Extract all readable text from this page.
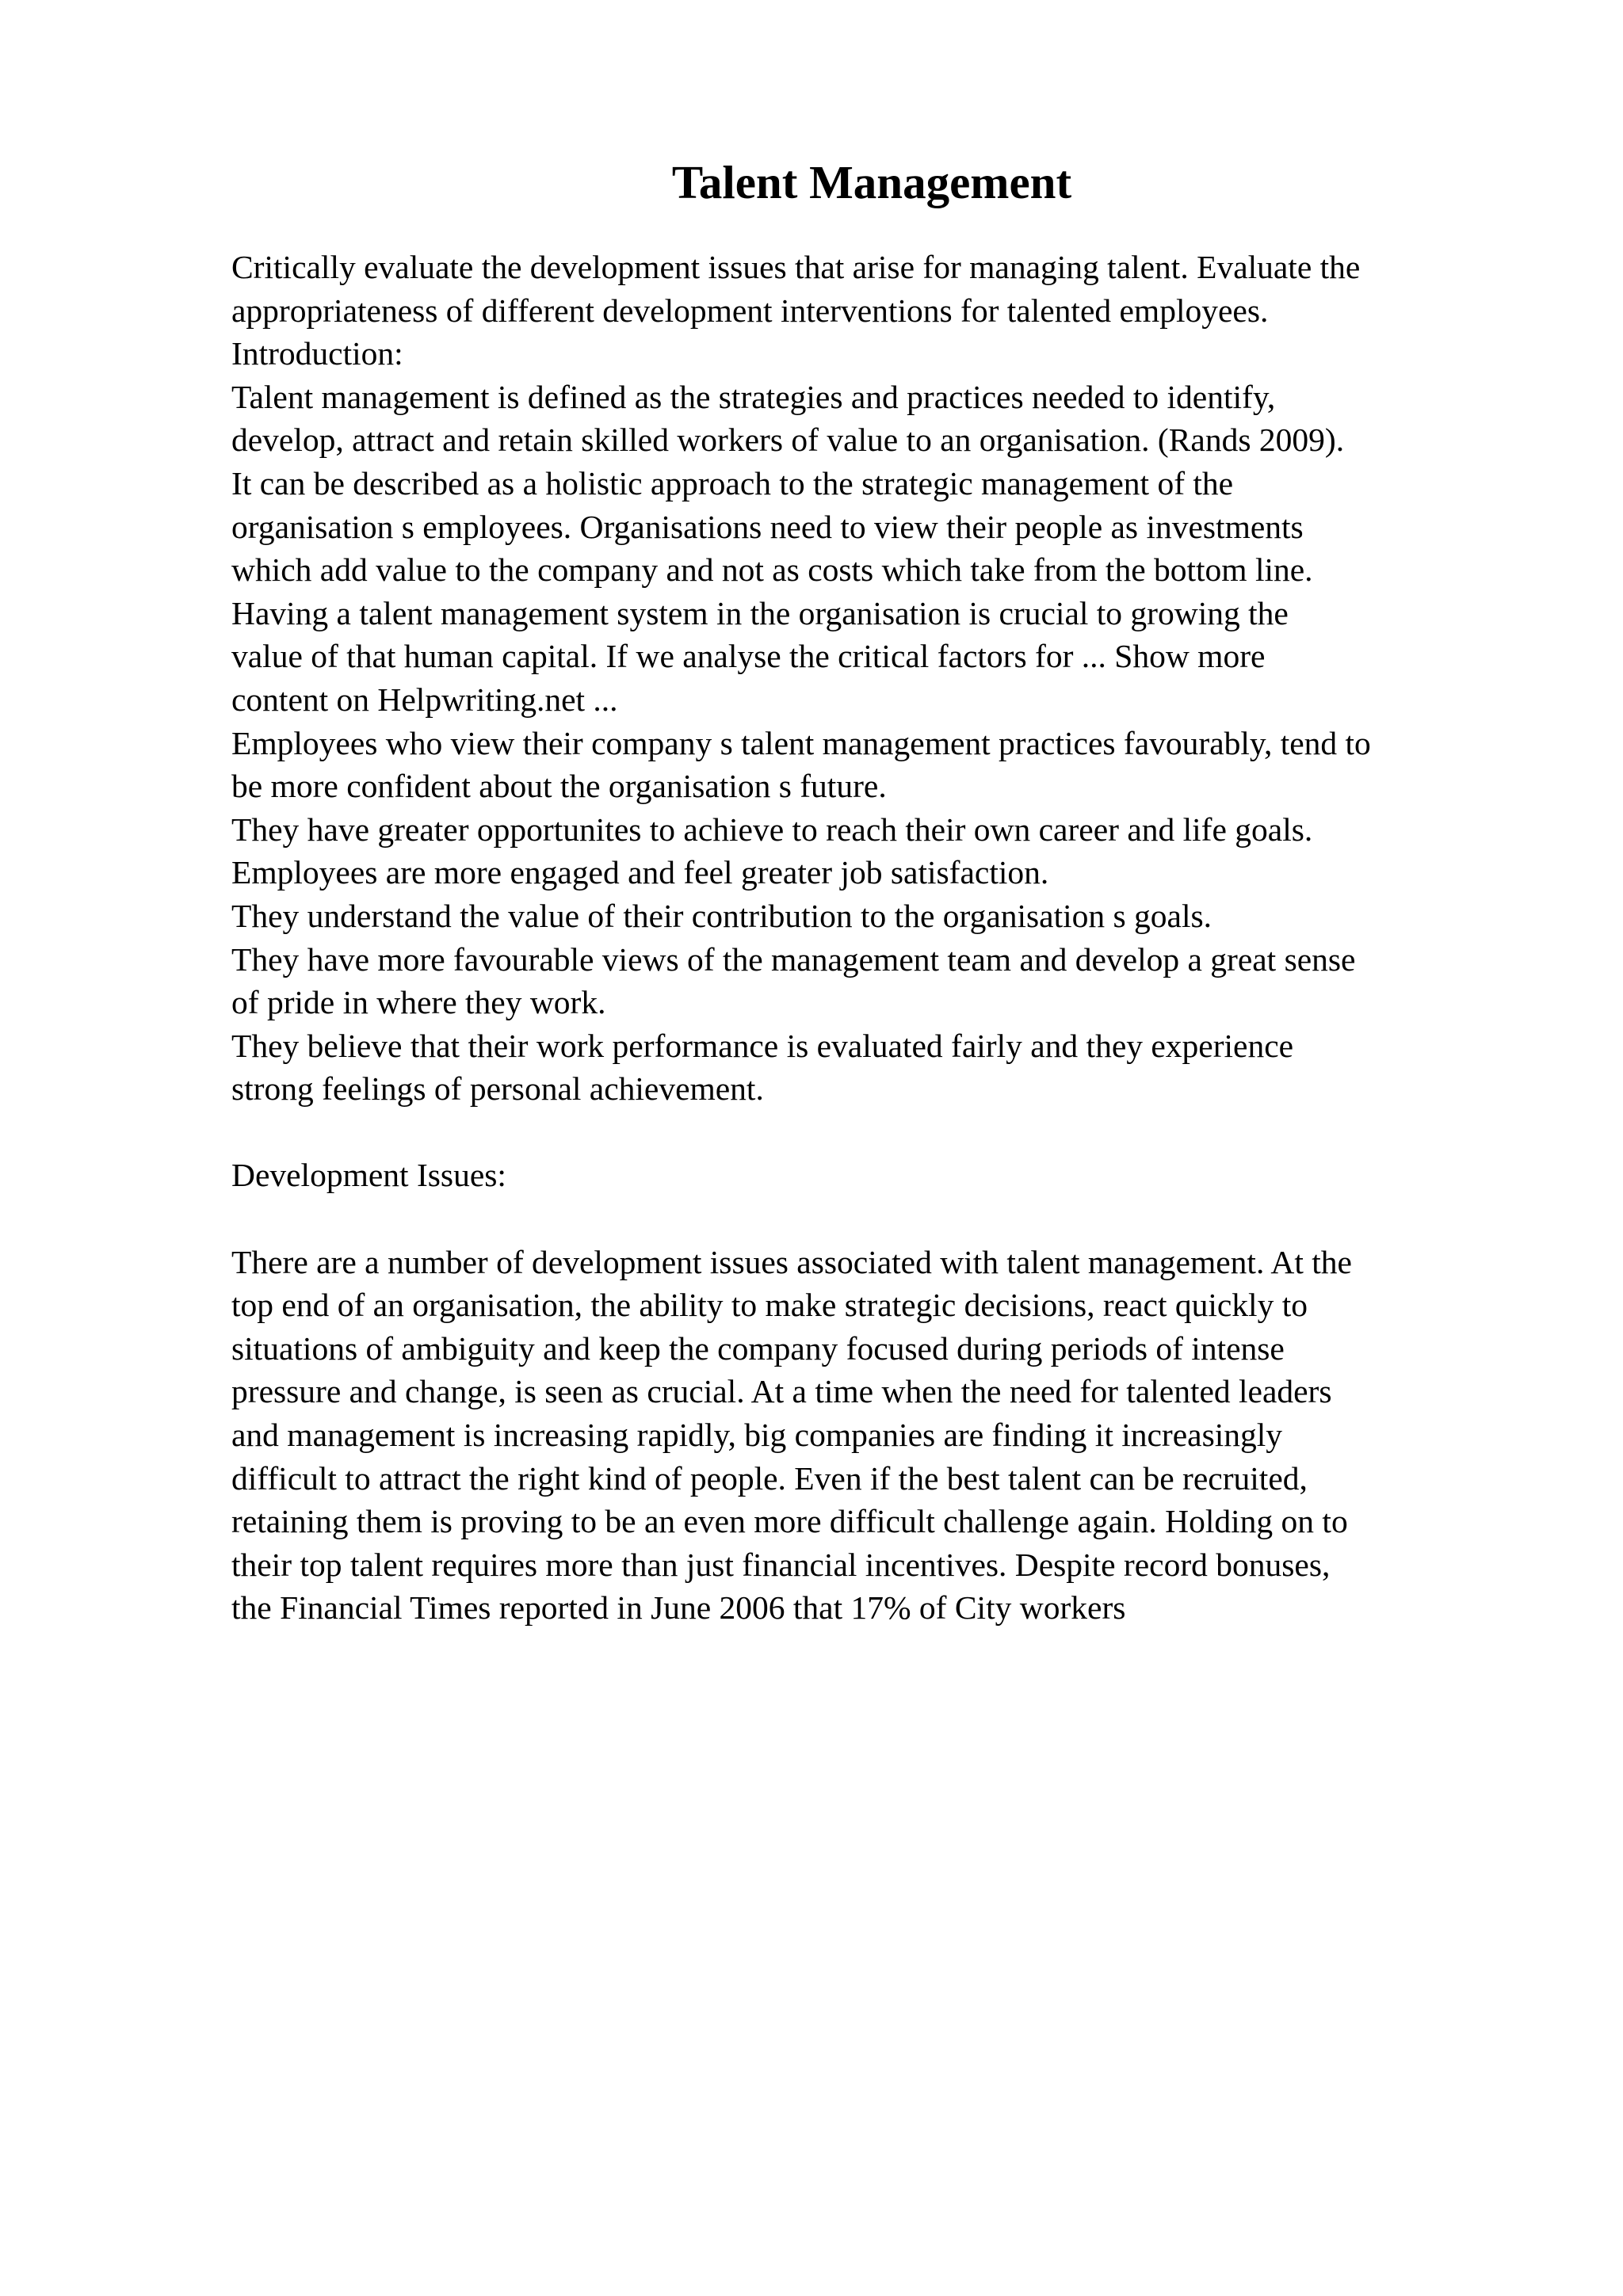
Talent Management
Critically evaluate the development issues that arise for managing talent. Evaluate the
appropriateness of different development interventions for talented employees.
Introduction:
Talent management is defined as the strategies and practices needed to identify,
develop, attract and retain skilled workers of value to an organisation. (Rands 2009).
It can be described as a holistic approach to the strategic management of the
organisation s employees. Organisations need to view their people as investments
which add value to the company and not as costs which take from the bottom line.
Having a talent management system in the organisation is crucial to growing the
value of that human capital. If we analyse the critical factors for ... Show more
content on Helpwriting.net ...
Employees who view their company s talent management practices favourably, tend to
be more confident about the organisation s future.
They have greater opportunites to achieve to reach their own career and life goals.
Employees are more engaged and feel greater job satisfaction.
They understand the value of their contribution to the organisation s goals.
They have more favourable views of the management team and develop a great sense
of pride in where they work.
They believe that their work performance is evaluated fairly and they experience
strong feelings of personal achievement.
Development Issues:
There are a number of development issues associated with talent management. At the
top end of an organisation, the ability to make strategic decisions, react quickly to
situations of ambiguity and keep the company focused during periods of intense
pressure and change, is seen as crucial. At a time when the need for talented leaders
and management is increasing rapidly, big companies are finding it increasingly
difficult to attract the right kind of people. Even if the best talent can be recruited,
retaining them is proving to be an even more difficult challenge again. Holding on to
their top talent requires more than just financial incentives. Despite record bonuses,
the Financial Times reported in June 2006 that 17% of City workers
